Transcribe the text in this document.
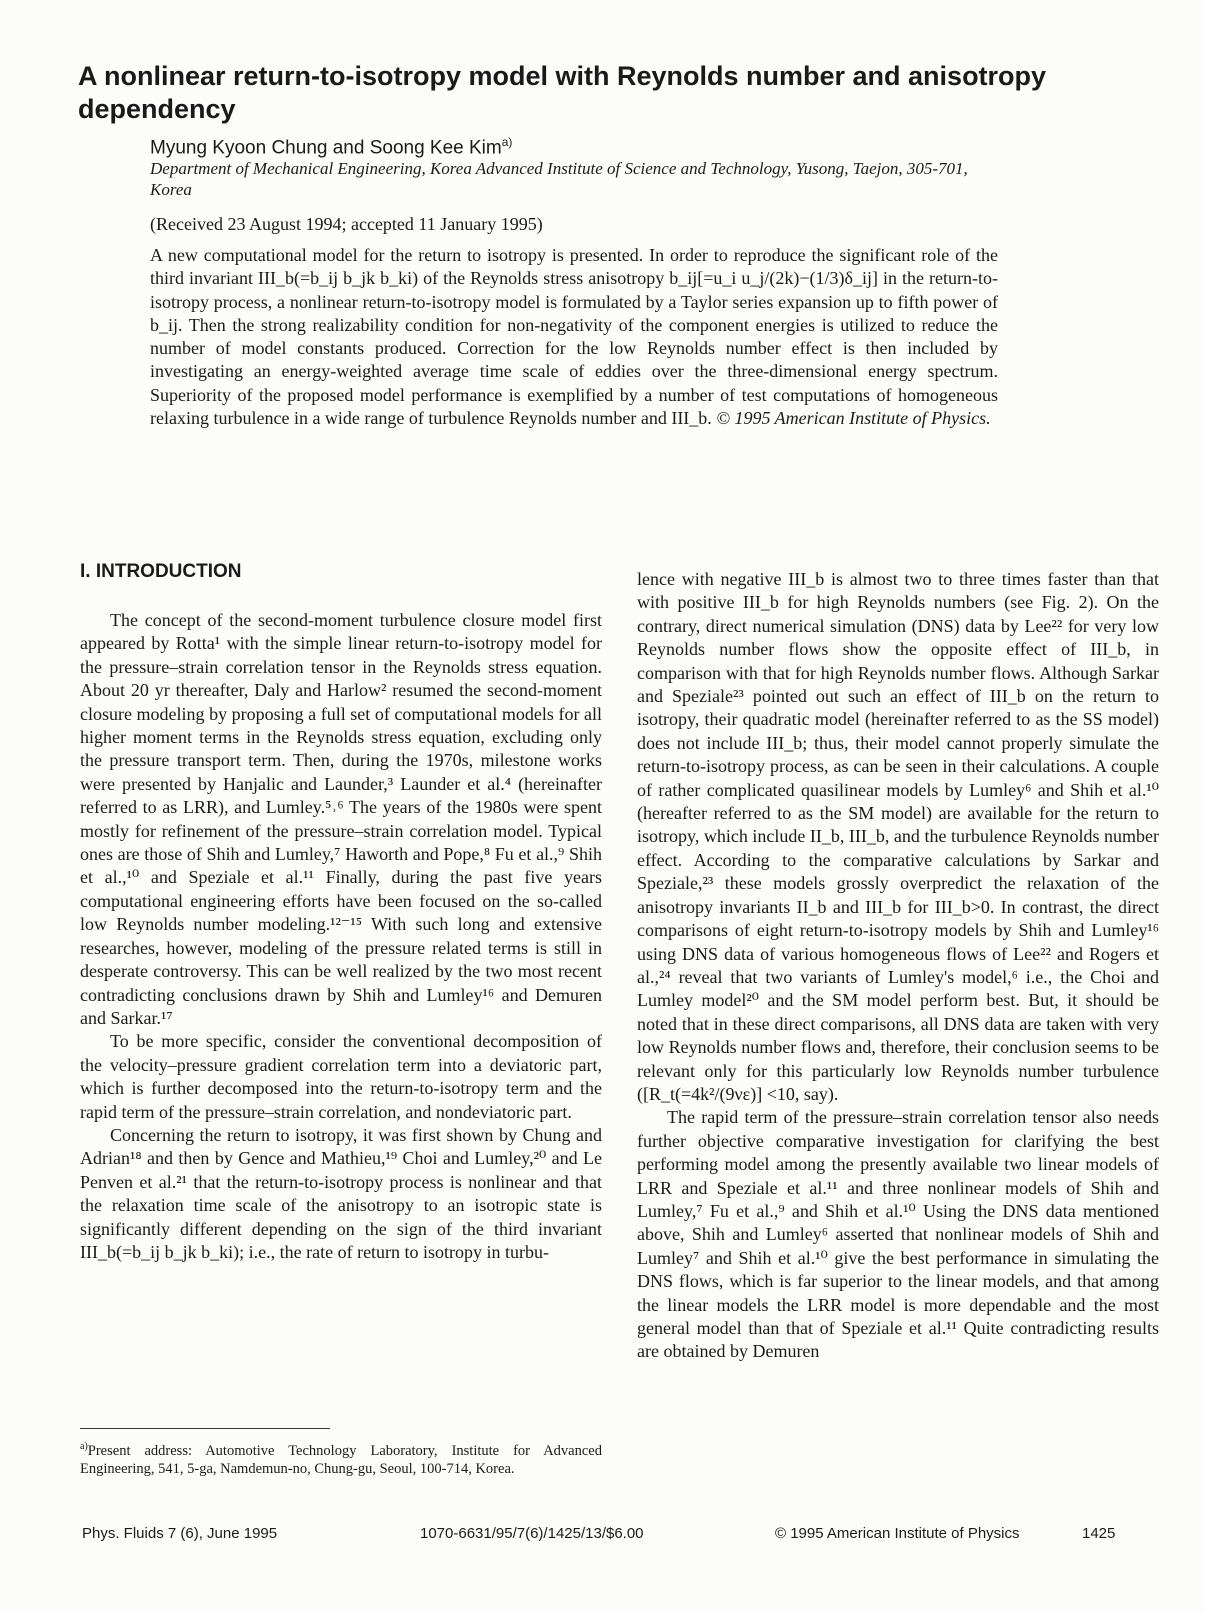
A nonlinear return-to-isotropy model with Reynolds number and anisotropy dependency
Myung Kyoon Chung and Soong Kee Kim$^{a)}$
Department of Mechanical Engineering, Korea Advanced Institute of Science and Technology, Yusong, Taejon, 305-701, Korea
(Received 23 August 1994; accepted 11 January 1995)

A new computational model for the return to isotropy is presented. In order to reproduce the significant role of the third invariant III_b(=b_ij b_jk b_ki) of the Reynolds stress anisotropy b_ij[=u_i u_j/(2k)−(1/3)δ_ij] in the return-to-isotropy process, a nonlinear return-to-isotropy model is formulated by a Taylor series expansion up to fifth power of b_ij. Then the strong realizability condition for non-negativity of the component energies is utilized to reduce the number of model constants produced. Correction for the low Reynolds number effect is then included by investigating an energy-weighted average time scale of eddies over the three-dimensional energy spectrum. Superiority of the proposed model performance is exemplified by a number of test computations of homogeneous relaxing turbulence in a wide range of turbulence Reynolds number and III_b. © 1995 American Institute of Physics.

I. INTRODUCTION

The concept of the second-moment turbulence closure model first appeared by Rotta¹ with the simple linear return-to-isotropy model for the pressure–strain correlation tensor in the Reynolds stress equation. About 20 yr thereafter, Daly and Harlow² resumed the second-moment closure modeling by proposing a full set of computational models for all higher moment terms in the Reynolds stress equation, excluding only the pressure transport term. Then, during the 1970s, milestone works were presented by Hanjalic and Launder,³ Launder et al.⁴ (hereinafter referred to as LRR), and Lumley.⁵˒⁶ The years of the 1980s were spent mostly for refinement of the pressure–strain correlation model. Typical ones are those of Shih and Lumley,⁷ Haworth and Pope,⁸ Fu et al.,⁹ Shih et al.,¹⁰ and Speziale et al.¹¹ Finally, during the past five years computational engineering efforts have been focused on the so-called low Reynolds number modeling.¹²⁻¹⁵ With such long and extensive researches, however, modeling of the pressure related terms is still in desperate controversy. This can be well realized by the two most recent contradicting conclusions drawn by Shih and Lumley¹⁶ and Demuren and Sarkar.¹⁷

To be more specific, consider the conventional decomposition of the velocity–pressure gradient correlation term into a deviatoric part, which is further decomposed into the return-to-isotropy term and the rapid term of the pressure–strain correlation, and nondeviatoric part.

Concerning the return to isotropy, it was first shown by Chung and Adrian¹⁸ and then by Gence and Mathieu,¹⁹ Choi and Lumley,²⁰ and Le Penven et al.²¹ that the return-to-isotropy process is nonlinear and that the relaxation time scale of the anisotropy to an isotropic state is significantly different depending on the sign of the third invariant III_b(=b_ij b_jk b_ki); i.e., the rate of return to isotropy in turbu-

lence with negative III_b is almost two to three times faster than that with positive III_b for high Reynolds numbers (see Fig. 2). On the contrary, direct numerical simulation (DNS) data by Lee²² for very low Reynolds number flows show the opposite effect of III_b, in comparison with that for high Reynolds number flows. Although Sarkar and Speziale²³ pointed out such an effect of III_b on the return to isotropy, their quadratic model (hereinafter referred to as the SS model) does not include III_b; thus, their model cannot properly simulate the return-to-isotropy process, as can be seen in their calculations. A couple of rather complicated quasilinear models by Lumley⁶ and Shih et al.¹⁰ (hereafter referred to as the SM model) are available for the return to isotropy, which include II_b, III_b, and the turbulence Reynolds number effect. According to the comparative calculations by Sarkar and Speziale,²³ these models grossly overpredict the relaxation of the anisotropy invariants II_b and III_b for III_b>0. In contrast, the direct comparisons of eight return-to-isotropy models by Shih and Lumley¹⁶ using DNS data of various homogeneous flows of Lee²² and Rogers et al.,²⁴ reveal that two variants of Lumley's model,⁶ i.e., the Choi and Lumley model²⁰ and the SM model perform best. But, it should be noted that in these direct comparisons, all DNS data are taken with very low Reynolds number flows and, therefore, their conclusion seems to be relevant only for this particularly low Reynolds number turbulence ([R_t(=4k²/(9νε)] <10, say).

The rapid term of the pressure–strain correlation tensor also needs further objective comparative investigation for clarifying the best performing model among the presently available two linear models of LRR and Speziale et al.¹¹ and three nonlinear models of Shih and Lumley,⁷ Fu et al.,⁹ and Shih et al.¹⁰ Using the DNS data mentioned above, Shih and Lumley⁶ asserted that nonlinear models of Shih and Lumley⁷ and Shih et al.¹⁰ give the best performance in simulating the DNS flows, which is far superior to the linear models, and that among the linear models the LRR model is more dependable and the most general model than that of Speziale et al.¹¹ Quite contradicting results are obtained by Demuren

$^{a)}$Present address: Automotive Technology Laboratory, Institute for Advanced Engineering, 541, 5-ga, Namdemun-no, Chung-gu, Seoul, 100-714, Korea.
Phys. Fluids 7 (6), June 1995	1070-6631/95/7(6)/1425/13/$6.00	© 1995 American Institute of Physics	1425
